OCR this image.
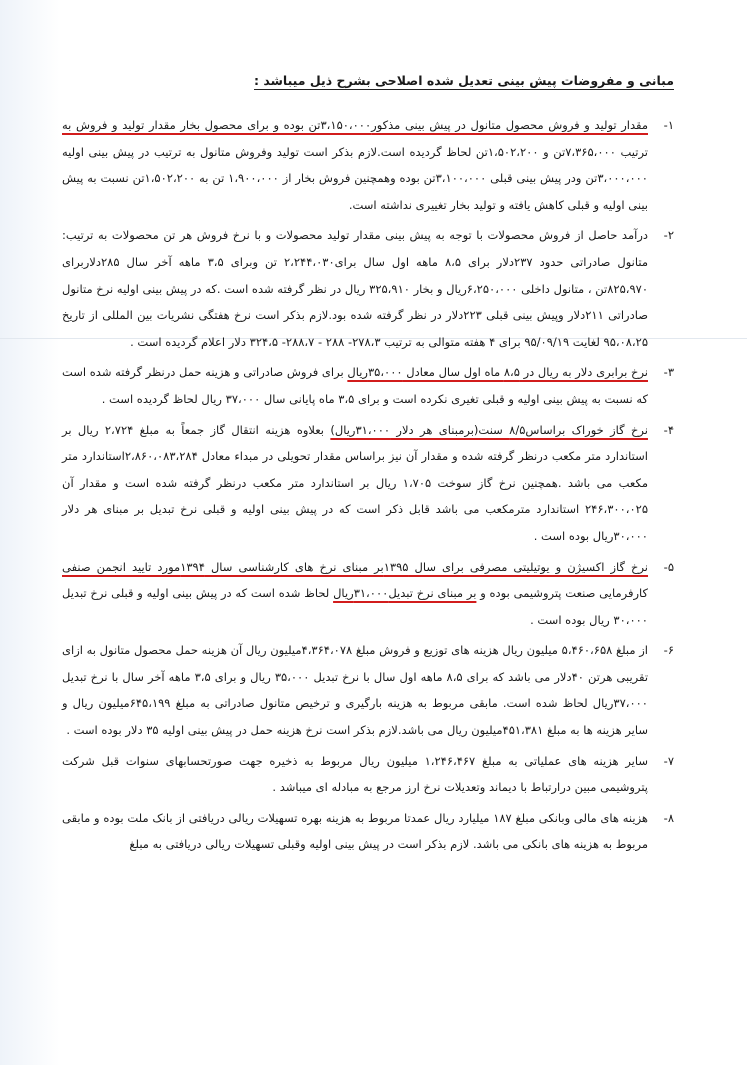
مبانی و مفروضات پیش بینی تعدیل شده اصلاحی بشرح ذیل میباشد :
۱-
مقدار تولید و فروش محصول متانول در پیش بینی مذکور۳،۱۵۰،۰۰۰تن بوده و برای محصول بخار مقدار تولید و فروش به ترتیب ۷،۳۶۵،۰۰۰تن و ۱،۵۰۲،۲۰۰تن لحاظ گردیده است.لازم بذکر است تولید وفروش متانول به ترتیب در پیش بینی اولیه ۳،۰۰۰،۰۰۰تن ودر پیش بینی قبلی ۳،۱۰۰،۰۰۰تن بوده وهمچنین فروش بخار از ۱،۹۰۰،۰۰۰ تن به ۱،۵۰۲،۲۰۰تن نسبت به پیش بینی اولیه و قبلی کاهش یافته و تولید بخار تغییری نداشته است.
۲-
درآمد حاصل از فروش محصولات با توجه به پیش بینی مقدار تولید محصولات و با نرخ فروش هر تن محصولات به ترتیب: متانول صادراتی حدود ۲۳۷دلار برای ۸،۵ ماهه اول سال برای۲،۲۴۴،۰۳۰ تن وبرای ۳،۵ ماهه آخر سال ۲۸۵دلاربرای ۸۲۵،۹۷۰تن ، متانول داخلی ۶،۲۵۰،۰۰۰ریال و بخار ۳۲۵،۹۱۰ ریال در نظر گرفته شده است .که در پیش بینی اولیه نرخ متانول صادراتی ۲۱۱دلار وپیش بینی قبلی ۲۲۳دلار در نظر گرفته شده بود.لازم بذکر است نرخ هفتگی نشریات بین المللی از تاریخ ۹۵،۰۸،۲۵ لغایت ۹۵/۰۹/۱۹ برای ۴ هفته متوالی به ترتیب ۲۷۸،۳- ۲۸۸ - ۲۸۸،۷- ۳۲۴،۵ دلار اعلام گردیده است .
۳-
نرخ برابری دلار به ریال در ۸،۵ ماه اول سال معادل ۳۵،۰۰۰ریال برای فروش صادراتی و هزینه حمل درنظر گرفته شده است که نسبت به پیش بینی اولیه و قبلی تغیری نکرده است و برای ۳،۵ ماه پایانی سال ۳۷،۰۰۰ ریال لحاظ گردیده است .
۴-
نرخ گاز خوراک براساس۸/۵ سنت(برمبنای هر دلار ۳۱،۰۰۰ریال) بعلاوه هزینه انتقال گاز جمعاً به مبلغ ۲،۷۲۴ ریال بر استاندارد متر مکعب درنظر گرفته شده و مقدار آن نیز براساس مقدار تحویلی در مبداء معادل ۲،۸۶۰،۰۸۳،۲۸۴استاندارد متر مکعب می باشد .همچنین نرخ گاز سوخت ۱،۷۰۵ ریال بر استاندارد متر مکعب درنظر گرفته شده است و مقدار آن ۲۴۶،۳۰۰،۰۲۵ استاندارد مترمکعب می باشد قابل ذکر است که در پیش بینی اولیه و قبلی نرخ تبدیل بر مبنای هر دلار ۳۰،۰۰۰ریال بوده است .
۵-
نرخ گاز اکسیژن و یوتیلیتی مصرفی برای سال ۱۳۹۵بر مبنای نرخ های کارشناسی سال ۱۳۹۴مورد تایید انجمن صنفی کارفرمایی صنعت پتروشیمی بوده و بر مبنای نرخ تبدیل۳۱،۰۰۰ریال لحاظ شده است که در پیش بینی اولیه و قبلی نرخ تبدیل ۳۰،۰۰۰ ریال بوده است .
۶-
از مبلغ ۵،۴۶۰،۶۵۸ میلیون ریال هزینه های توزیع و فروش مبلغ ۴،۳۶۴،۰۷۸میلیون ریال آن هزینه حمل محصول متانول به ازای تقریبی هرتن ۴۰دلار می باشد که برای ۸،۵ ماهه اول سال با نرخ تبدیل ۳۵،۰۰۰ ریال و برای ۳،۵ ماهه آخر سال با نرخ تبدیل ۳۷،۰۰۰ریال لحاظ شده است. مابقی مربوط به هزینه بارگیری و ترخیص متانول صادراتی به مبلغ ۶۴۵،۱۹۹میلیون ریال و سایر هزینه ها به مبلغ ۴۵۱،۳۸۱میلیون ریال می باشد.لازم بذکر است نرخ هزینه حمل در پیش بینی اولیه ۳۵ دلار بوده است .
۷-
سایر هزینه های عملیاتی به مبلغ ۱،۲۴۶،۴۶۷ میلیون ریال مربوط به ذخیره جهت صورتحسابهای سنوات قبل شرکت پتروشیمی مبین درارتباط با دیماند وتعدیلات نرخ ارز مرجع به مبادله ای میباشد .
۸-
هزینه های مالی وبانکی مبلغ ۱۸۷ میلیارد ریال عمدتا مربوط به هزینه بهره تسهیلات ریالی دریافتی از بانک ملت بوده و مابقی مربوط به هزینه های بانکی می باشد. لازم بذکر است در پیش بینی اولیه وقبلی تسهیلات ریالی دریافتی به مبلغ
